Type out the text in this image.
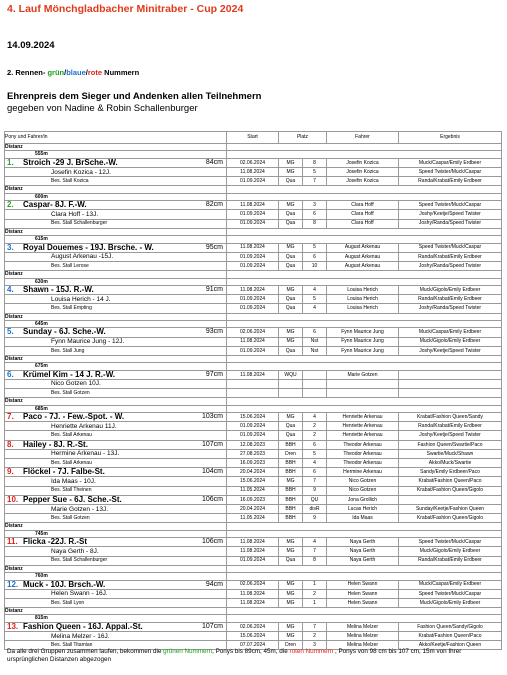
4. Lauf Mönchgladbacher Minitraber - Cup 2024
14.09.2024
2. Rennen- grün/blaue/rote Nummern
Ehrenpreis dem Sieger und Andenken allen Teilnehmern
gegeben von Nadine & Robin Schallenburger
Pony und Fahrer/in	Start	Platz		Fahrer	Ergebnis
Distanz					
555m					

1. Stroich -29 J. BrSche.-W. 84cm	02.06.2024	MG	8	Josefin Kozica	Muck/Caspar/Emily Erdbeer

Josefin Kozica - 12J.	11.08.2024	MG	5	Josefin Kozica	Speed Twister/Muck/Caspar

Bes. Stall Kozica	01.09.2024	Qua	7	Josefin Kozica	Randa/Krabat/Emily Erdbeer
Distanz					
600m					

2. Caspar- 8J. F.-W. 82cm	11.08.2024	MG	3	Clara Hoff	Speed Twister/Muck/Caspar

Clara Hoff - 13J.	01.09.2024	Qua	6	Clara Hoff	Joshy/Keetje/Speed Twister

Bes. Stall Schallenburger	01.09.2024	Qua	8	Clara Hoff	Joshy/Randa/Speed Twister
Distanz					
615m					

3. Royal Douemes - 19J. Brsche. - W. 95cm	11.08.2024	MG	5	August Arkenau	Speed Twister/Muck/Caspar

August Arkenau -15J.	01.09.2024	Qua	6	August Arkenau	Randa/Krabat/Emily Erdbeer

Bes. Stall Lerose	01.09.2024	Qua	10	August Arkenau	Joshy/Randa/Speed Twister
Distanz					
630m					

4. Shawn - 15J. R.-W. 91cm	11.08.2024	MG	4	Louisa Herich	Muck/Gigolo/Emily Erdbeer

Louisa Herich - 14 J.	01.09.2024	Qua	5	Louisa Herich	Randa/Krabat/Emily Erdbeer

Bes. Stall Empting	01.09.2024	Qua	4	Louisa Herich	Joshy/Randa/Speed Twister
Distanz					
645m					

5. Sunday - 6J. Sche.-W. 93cm	02.06.2024	MG	6	Fynn Maurice Jung	Muck/Caspar/Emily Erdbeer

Fynn Maurice Jung - 12J.	11.08.2024	MG	Nst	Fynn Maurice Jung	Muck/Gigolo/Emily Erdbeer

Bes. Stall Jung	01.09.2024	Qua	Nst	Fynn Maurice Jung	Joshy/Keetje/Speed Twister
Distanz					
675m					

6. Krümel Kim - 14 J. R.-W. 97cm	11.08.2024	WQU		Marie Gotzen	

Nico Gotzen 10J.					

Bes. Stall Gotzen					

Distanz					
685m					

7. Paco - 7J. - Few.-Spot. - W. 103cm	15.06.2024	MG	4	Henriette Arkenau	Krabat/Fashion Queen/Sandy

Henriette Arkenau 11J.	01.09.2024	Qua	2	Henriette Arkenau	Randa/Krabat/Emily Erdbeer

Bes. Stall Arkenau	01.09.2024	Qua	2	Henriette Arkenau	Joshy/Keetje/Speed Twister

8. Hailey - 8J. R.-St. 107cm	12.08.2023	BBH	6	Theodor Arkenau	Fashion Queen/Swartie/Paco

Hermine Arkenau - 13J.	27.08.2023	Dren	5	Theodor Arkenau	Swartie/Muck/Shawn

Bes. Stall Arkenau	16.09.2023	BBH	4	Theodor Arkenau	Akko/Muck/Swartie

9. Flöckel - 7J. Falbe-St. 104cm	20.04.2024	BBH	6	Hermine Arkenau	Sandy/Emily Erdbeer/Paco

Ida Maas - 10J.	15.06.2024	MG	7	Nico Gotzen	Krabat/Fashion Queen/Paco

Bes. Stall Theinen	11.05.2024	BBH	9	Nico Gotzen	Krabat/Fashion Queen/Gigolo

10. Pepper Sue - 6J. Sche.-St. 106cm	16.09.2023	BBH	QU	Jona Grollich	

Marie Gotzen - 13J.	20.04.2024	BBH	disR	Lucas Herich	Sunday/Keetje/Fashion Queen

Bes. Stall Gotzen	11.05.2024	BBH	9	Ida Maas	Krabat/Fashion Queen/Gigolo
Distanz					
745m					

11. Flicka -22J. R.-St 106cm	11.08.2024	MG	4	Naya Gerth	Speed Twister/Muck/Caspar

Naya Gerth - 8J.	11.08.2024	MG	7	Naya Gerth	Muck/Gigolo/Emily Erdbeer

Bes. Stall Schallenburger	01.09.2024	Qua	8	Naya Gerth	Randa/Krabat/Emily Erdbeer
Distanz					
760m					

12. Muck - 10J. Brsch.-W. 94cm	02.06.2024	MG	1	Helen Swann	Muck/Caspar/Emily Erdbeer

Helen Swann - 16J.	11.08.2024	MG	2	Helen Swann	Speed Twister/Muck/Caspar

Bes. Stall Lyon	11.08.2024	MG	1	Helen Swann	Muck/Gigolo/Emily Erdbeer
Distanz					
815m					

13. Fashion Queen - 16J. Appal.-St. 107cm	02.06.2024	MG	7	Melina Melzer	Fashion Queen/Sandy/Gigolo

Melina Melzer - 16J.	15.06.2024	MG	2	Melina Melzer	Krabat/Fashion Queen/Paco

Bes. Stall Titamian	07.07.2024	Dren	3	Melina Melzer	Akko/Keetje/Fashion Queen
Da alle drei Gruppen zusammen laufen, bekommen die grünen Nummern, Ponys bis 89cm, 45m, die roten Nummern , Ponys von 98 cm bis 107 cm, 15m von Ihrer ursprünglichen Distanzen abgezogen
